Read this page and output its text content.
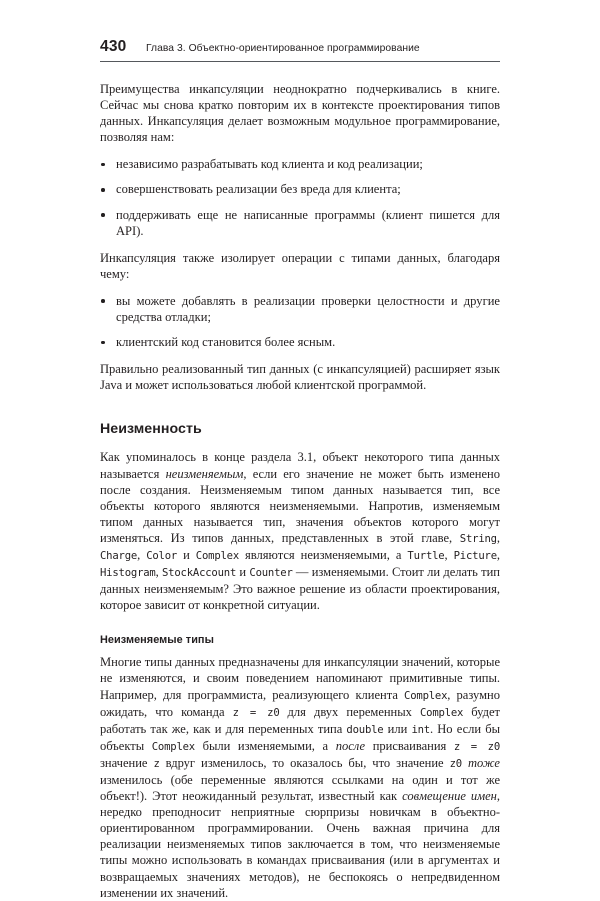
430	Глава 3. Объектно-ориентированное программирование

Преимущества инкапсуляции неоднократно подчеркивались в книге. Сейчас мы снова кратко повторим их в контексте проектирования типов данных. Инкапсуляция делает возможным модульное программирование, позволяя нам:

независимо разрабатывать код клиента и код реализации;
совершенствовать реализации без вреда для клиента;
поддерживать еще не написанные программы (клиент пишется для API).

Инкапсуляция также изолирует операции с типами данных, благодаря чему:

вы можете добавлять в реализации проверки целостности и другие средства отладки;
клиентский код становится более ясным.

Правильно реализованный тип данных (с инкапсуляцией) расширяет язык Java и может использоваться любой клиентской программой.

Неизменность

Как упоминалось в конце раздела 3.1, объект некоторого типа данных называется неизменяемым, если его значение не может быть изменено после создания. Неизменяемым типом данных называется тип, все объекты которого являются неизменяемыми. Напротив, изменяемым типом данных называется тип, значения объектов которого могут изменяться. Из типов данных, представленных в этой главе, String, Charge, Color и Complex являются неизменяемыми, а Turtle, Picture, Histogram, StockAccount и Counter — изменяемыми. Стоит ли делать тип данных неизменяемым? Это важное решение из области проектирования, которое зависит от конкретной ситуации.

Неизменяемые типы

Многие типы данных предназначены для инкапсуляции значений, которые не изменяются, и своим поведением напоминают примитивные типы. Например, для программиста, реализующего клиента Complex, разумно ожидать, что команда z = z0 для двух переменных Complex будет работать так же, как и для переменных типа double или int. Но если бы объекты Complex были изменяемыми, а после присваивания z = z0 значение z вдруг изменилось, то оказалось бы, что значение z0 тоже изменилось (обе переменные являются ссылками на один и тот же объект!). Этот неожиданный результат, известный как совмещение имен, нередко преподносит неприятные сюрпризы новичкам в объектно-ориентированном программировании. Очень важная причина для реализации неизменяемых типов заключается в том, что неизменяемые типы можно использовать в командах присваивания (или в аргументах и возвращаемых значениях методов), не беспокоясь о непредвиденном изменении их значений.
